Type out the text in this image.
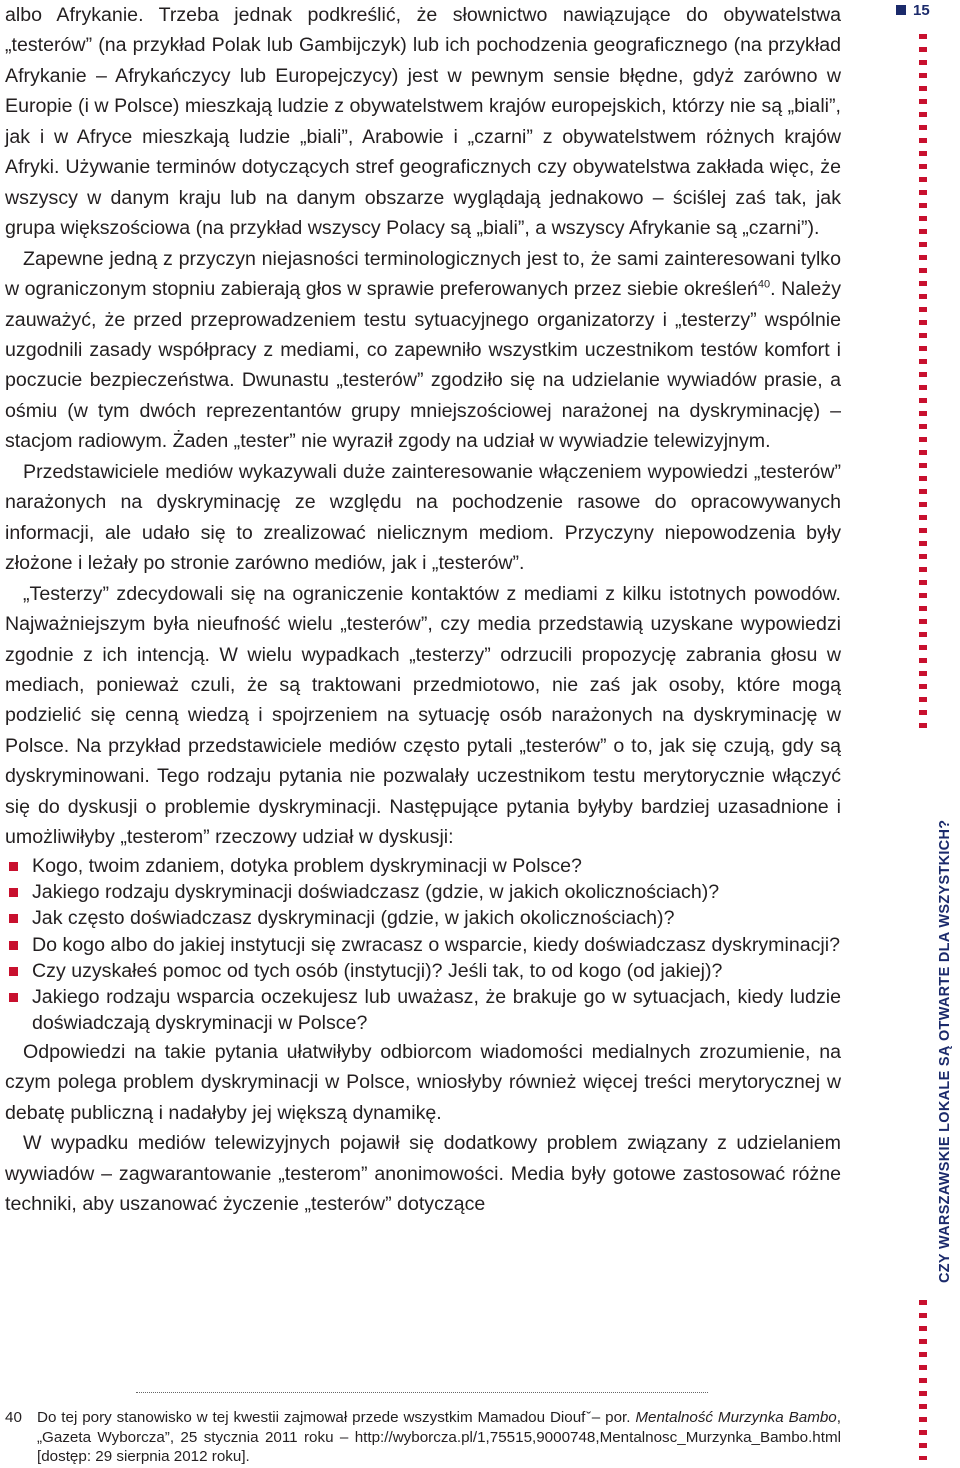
15
CZY WARSZAWSKIE LOKALE SĄ OTWARTE DLA WSZYSTKICH?

albo Afrykanie. Trzeba jednak podkreślić, że słownictwo nawiązujące do obywatelstwa „testerów” (na przykład Polak lub Gambijczyk) lub ich pochodzenia geograficznego (na przykład Afrykanie – Afrykańczycy lub Europejczycy) jest w pewnym sensie błędne, gdyż zarówno w Europie (i w Polsce) mieszkają ludzie z obywatelstwem krajów europejskich, którzy nie są „biali”, jak i w Afryce mieszkają ludzie „biali”, Arabowie i „czarni” z obywatelstwem różnych krajów Afryki. Używanie terminów dotyczących stref geograficznych czy obywatelstwa zakłada więc, że wszyscy w danym kraju lub na danym obszarze wyglądają jednakowo – ściślej zaś tak, jak grupa większościowa (na przykład wszyscy Polacy są „biali”, a wszyscy Afrykanie są „czarni”).

Zapewne jedną z przyczyn niejasności terminologicznych jest to, że sami zainteresowani tylko w ograniczonym stopniu zabierają głos w sprawie preferowanych przez siebie określeń$^{40}$. Należy zauważyć, że przed przeprowadzeniem testu sytuacyjnego organizatorzy i „testerzy” wspólnie uzgodnili zasady współpracy z mediami, co zapewniło wszystkim uczestnikom testów komfort i poczucie bezpieczeństwa. Dwunastu „testerów” zgodziło się na udzielanie wywiadów prasie, a ośmiu (w tym dwóch reprezentantów grupy mniejszościowej narażonej na dyskryminację) – stacjom radiowym. Żaden „tester” nie wyraził zgody na udział w wywiadzie telewizyjnym.

Przedstawiciele mediów wykazywali duże zainteresowanie włączeniem wypowiedzi „testerów” narażonych na dyskryminację ze względu na pochodzenie rasowe do opracowywanych informacji, ale udało się to zrealizować nielicznym mediom. Przyczyny niepowodzenia były złożone i leżały po stronie zarówno mediów, jak i „testerów”.

„Testerzy” zdecydowali się na ograniczenie kontaktów z mediami z kilku istotnych powodów. Najważniejszym była nieufność wielu „testerów”, czy media przedstawią uzyskane wypowiedzi zgodnie z ich intencją. W wielu wypadkach „testerzy” odrzucili propozycję zabrania głosu w mediach, ponieważ czuli, że są traktowani przedmiotowo, nie zaś jak osoby, które mogą podzielić się cenną wiedzą i spojrzeniem na sytuację osób narażonych na dyskryminację w Polsce. Na przykład przedstawiciele mediów często pytali „testerów” o to, jak się czują, gdy są dyskryminowani. Tego rodzaju pytania nie pozwalały uczestnikom testu merytorycznie włączyć się do dyskusji o problemie dyskryminacji. Następujące pytania byłyby bardziej uzasadnione i umożliwiłyby „testerom” rzeczowy udział w dyskusji:

Kogo, twoim zdaniem, dotyka problem dyskryminacji w Polsce?
Jakiego rodzaju dyskryminacji doświadczasz (gdzie, w jakich okolicznościach)?
Jak często doświadczasz dyskryminacji (gdzie, w jakich okolicznościach)?
Do kogo albo do jakiej instytucji się zwracasz o wsparcie, kiedy doświadczasz dyskryminacji?
Czy uzyskałeś pomoc od tych osób (instytucji)? Jeśli tak, to od kogo (od jakiej)?
Jakiego rodzaju wsparcia oczekujesz lub uważasz, że brakuje go w sytuacjach, kiedy ludzie doświadczają dyskryminacji w Polsce?

Odpowiedzi na takie pytania ułatwiłyby odbiorcom wiadomości medialnych zrozumienie, na czym polega problem dyskryminacji w Polsce, wniosłyby również więcej treści merytorycznej w debatę publiczną i nadałyby jej większą dynamikę.

W wypadku mediów telewizyjnych pojawił się dodatkowy problem związany z udzielaniem wywiadów – zagwarantowanie „testerom” anonimowości. Media były gotowe zastosować różne techniki, aby uszanować życzenie „testerów” dotyczące

40 Do tej pory stanowisko w tej kwestii zajmował przede wszystkim Mamadou Dioufˇ– por. Mentalność Murzynka Bambo, „Gazeta Wyborcza”, 25 stycznia 2011 roku – http://wyborcza.pl/1,75515,9000748,Mentalnosc_Murzynka_Bambo.html [dostęp: 29 sierpnia 2012 roku].
